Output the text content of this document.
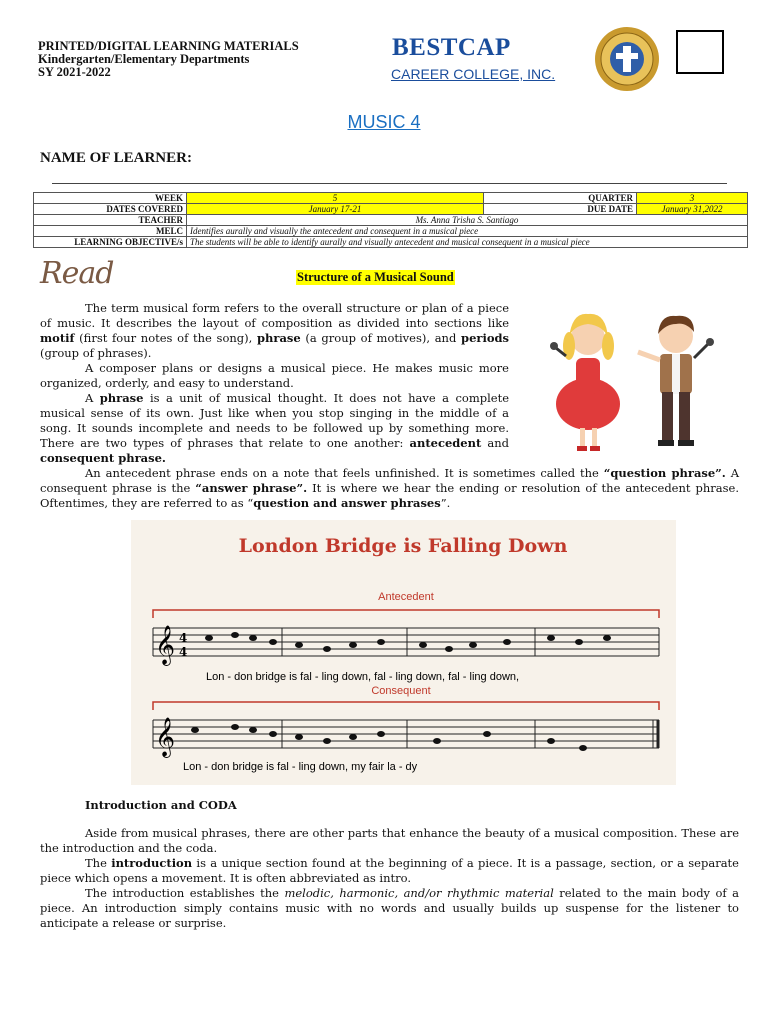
PRINTED/DIGITAL LEARNING MATERIALS
Kindergarten/Elementary Departments
SY 2021-2022
BESTCAP
CAREER COLLEGE, INC.
MUSIC 4
NAME OF LEARNER:
WEEK	5	QUARTER	3
DATES COVERED	January 17-21	DUE DATE	January 31,2022
TEACHER	Ms. Anna Trisha S. Santiago		
MELC	Identifies aurally and visually the antecedent and consequent in a musical piece		
LEARNING OBJECTIVE/s	The students will be able to identify aurally and visually antecedent and musical consequent in a musical piece		
Read	Structure of a Musical Sound
The term musical form refers to the overall structure or plan of a piece of music. It describes the layout of composition as divided into sections like motif (first four notes of the song), phrase (a group of motives), and periods (group of phrases).
A composer plans or designs a musical piece. He makes music more organized, orderly, and easy to understand.
A phrase is a unit of musical thought. It does not have a complete musical sense of its own. Just like when you stop singing in the middle of a song. It sounds incomplete and needs to be followed up by something more. There are two types of phrases that relate to one another: antecedent and consequent phrase.
An antecedent phrase ends on a note that feels unfinished. It is sometimes called the “question phrase”. A consequent phrase is the “answer phrase”. It is where we hear the ending or resolution of the antecedent phrase. Oftentimes, they are referred to as “question and answer phrases”.
London Bridge is Falling Down
Antecedent
𝄞 4
4
Lon - don bridge is fal - ling down, fal - ling down, fal - ling down,
Consequent
𝄞
Lon - don bridge is fal - ling down, my fair la - dy
Introduction and CODA
Aside from musical phrases, there are other parts that enhance the beauty of a musical composition. These are the introduction and the coda.
The introduction is a unique section found at the beginning of a piece. It is a passage, section, or a separate piece which opens a movement. It is often abbreviated as intro.
The introduction establishes the melodic, harmonic, and/or rhythmic material related to the main body of a piece. An introduction simply contains music with no words and usually builds up suspense for the listener to anticipate a release or surprise.
